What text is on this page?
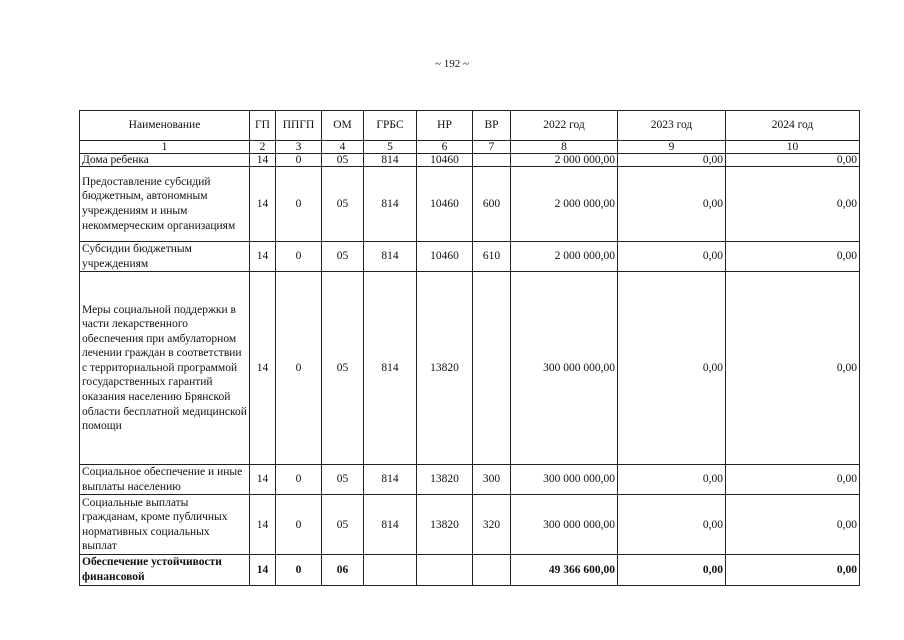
~ 192 ~
Наименование	ГП	ППГП	ОМ	ГРБС	НР	ВР	2022 год	2023 год	2024 год
1	2	3	4	5	6	7	8	9	10
Дома ребенка	14	0	05	814	10460		2 000 000,00	0,00	0,00
Предоставление субсидий бюджетным, автономным учреждениям и иным некоммерческим организациям	14	0	05	814	10460	600	2 000 000,00	0,00	0,00
Субсидии бюджетным учреждениям	14	0	05	814	10460	610	2 000 000,00	0,00	0,00
Меры социальной поддержки в части лекарственного обеспечения при амбулаторном лечении граждан в соответствии с территориальной программой государственных гарантий оказания населению Брянской области бесплатной медицинской помощи	14	0	05	814	13820		300 000 000,00	0,00	0,00
Социальное обеспечение и иные выплаты населению	14	0	05	814	13820	300	300 000 000,00	0,00	0,00
Социальные выплаты гражданам, кроме публичных нормативных социальных выплат	14	0	05	814	13820	320	300 000 000,00	0,00	0,00
Обеспечение устойчивости финансовой	14	0	06				49 366 600,00	0,00	0,00
